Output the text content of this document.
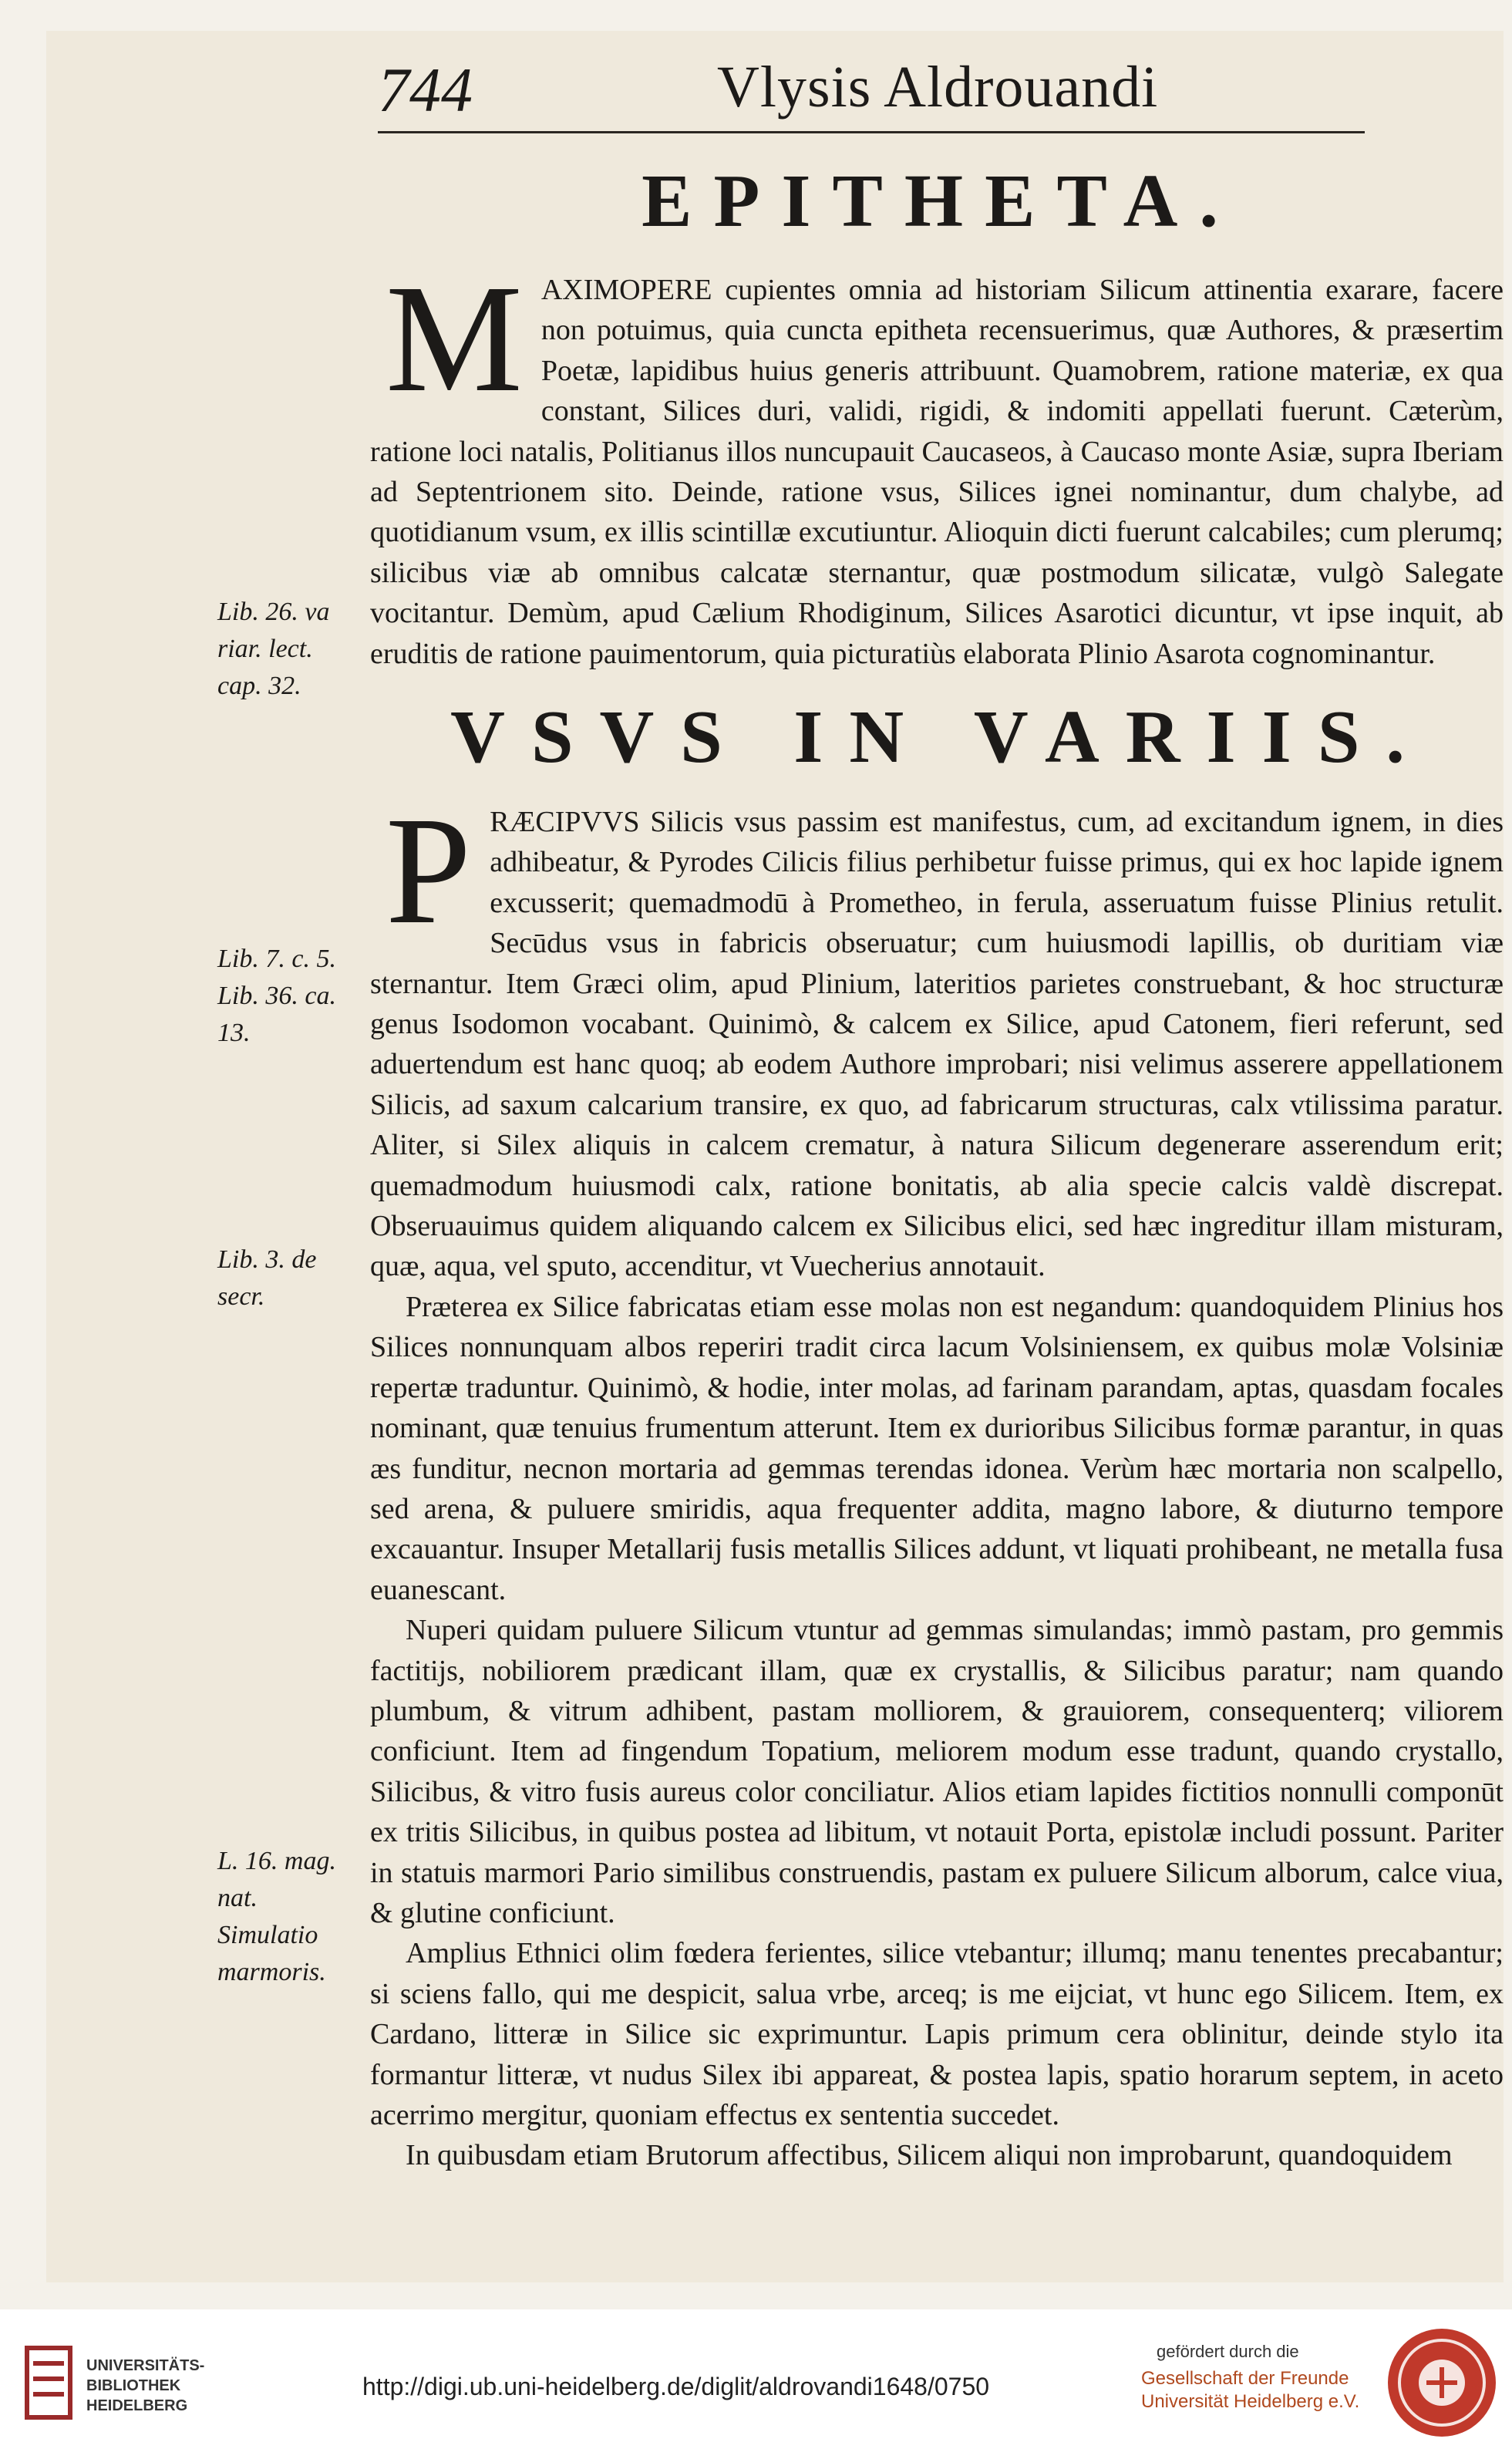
744	Vlysis Aldrouandi
EPITHETA.
M AXIMOPERE cupientes omnia ad historiam Silicum attinentia exarare, facere non potuimus, quia cuncta epitheta recensuerimus, quæ Authores, & præsertim Poetæ, lapidibus huius generis attribuunt. Quamobrem, ratione materiæ, ex qua constant, Silices duri, validi, rigidi, & indomiti appellati fuerunt. Cæterùm, ratione loci natalis, Politianus illos nuncupauit Caucaseos, à Caucaso monte Asiæ, supra Iberiam ad Septentrionem sito. Deinde, ratione vsus, Silices ignei nominantur, dum chalybe, ad quotidianum vsum, ex illis scintillæ excutiuntur. Alioquin dicti fuerunt calcabiles; cum plerumq; silicibus viæ ab omnibus calcatæ sternantur, quæ postmodum silicatæ, vulgò Salegate vocitantur. Demùm, apud Cælium Rhodiginum, Silices Asarotici dicuntur, vt ipse inquit, ab eruditis de ratione pauimentorum, quia picturatiùs elaborata Plinio Asarota cognominantur.

VSVS IN VARIIS.
P RÆCIPVVS Silicis vsus passim est manifestus, cum, ad excitandum ignem, in dies adhibeatur, & Pyrodes Cilicis filius perhibetur fuisse primus, qui ex hoc lapide ignem excusserit; quemadmodū à Prometheo, in ferula, asseruatum fuisse Plinius retulit. Secūdus vsus in fabricis obseruatur; cum huiusmodi lapillis, ob duritiam viæ sternantur. Item Græci olim, apud Plinium, lateritios parietes construebant, & hoc structuræ genus Isodomon vocabant. Quinimò, & calcem ex Silice, apud Catonem, fieri referunt, sed aduertendum est hanc quoq; ab eodem Authore improbari; nisi velimus asserere appellationem Silicis, ad saxum calcarium transire, ex quo, ad fabricarum structuras, calx vtilissima paratur. Aliter, si Silex aliquis in calcem crematur, à natura Silicum degenerare asserendum erit; quemadmodum huiusmodi calx, ratione bonitatis, ab alia specie calcis valdè discrepat. Obseruauimus quidem aliquando calcem ex Silicibus elici, sed hæc ingreditur illam misturam, quæ, aqua, vel sputo, accenditur, vt Vuecherius annotauit.

Præterea ex Silice fabricatas etiam esse molas non est negandum: quandoquidem Plinius hos Silices nonnunquam albos reperiri tradit circa lacum Volsiniensem, ex quibus molæ Volsiniæ repertæ traduntur. Quinimò, & hodie, inter molas, ad farinam parandam, aptas, quasdam focales nominant, quæ tenuius frumentum atterunt. Item ex durioribus Silicibus formæ parantur, in quas æs funditur, necnon mortaria ad gemmas terendas idonea. Verùm hæc mortaria non scalpello, sed arena, & puluere smiridis, aqua frequenter addita, magno labore, & diuturno tempore excauantur. Insuper Metallarij fusis metallis Silices addunt, vt liquati prohibeant, ne metalla fusa euanescant.

Nuperi quidam puluere Silicum vtuntur ad gemmas simulandas; immò pastam, pro gemmis factitijs, nobiliorem prædicant illam, quæ ex crystallis, & Silicibus paratur; nam quando plumbum, & vitrum adhibent, pastam molliorem, & grauiorem, consequenterq; viliorem conficiunt. Item ad fingendum Topatium, meliorem modum esse tradunt, quando crystallo, Silicibus, & vitro fusis aureus color conciliatur. Alios etiam lapides fictitios nonnulli componūt ex tritis Silicibus, in quibus postea ad libitum, vt notauit Porta, epistolæ includi possunt. Pariter in statuis marmori Pario similibus construendis, pastam ex puluere Silicum alborum, calce viua, & glutine conficiunt.

Amplius Ethnici olim fœdera ferientes, silice vtebantur; illumq; manu tenentes precabantur; si sciens fallo, qui me despicit, salua vrbe, arceq; is me eijciat, vt hunc ego Silicem. Item, ex Cardano, litteræ in Silice sic exprimuntur. Lapis primum cera oblinitur, deinde stylo ita formantur litteræ, vt nudus Silex ibi appareat, & postea lapis, spatio horarum septem, in aceto acerrimo mergitur, quoniam effectus ex sententia succedet.

In quibusdam etiam Brutorum affectibus, Silicem aliqui non improbarunt, quandoquidem

Lib. 26. va
riar. lect.
cap. 32.
Lib. 7. c. 5.
Lib. 36. ca.
13.
Lib. 3. de
secr.
L. 16. mag.
nat.
Simulatio
marmoris.
UNIVERSITÄTS-
BIBLIOTHEK
HEIDELBERG
http://digi.ub.uni-heidelberg.de/diglit/aldrovandi1648/0750
gefördert durch die
Gesellschaft der Freunde
Universität Heidelberg e.V.
